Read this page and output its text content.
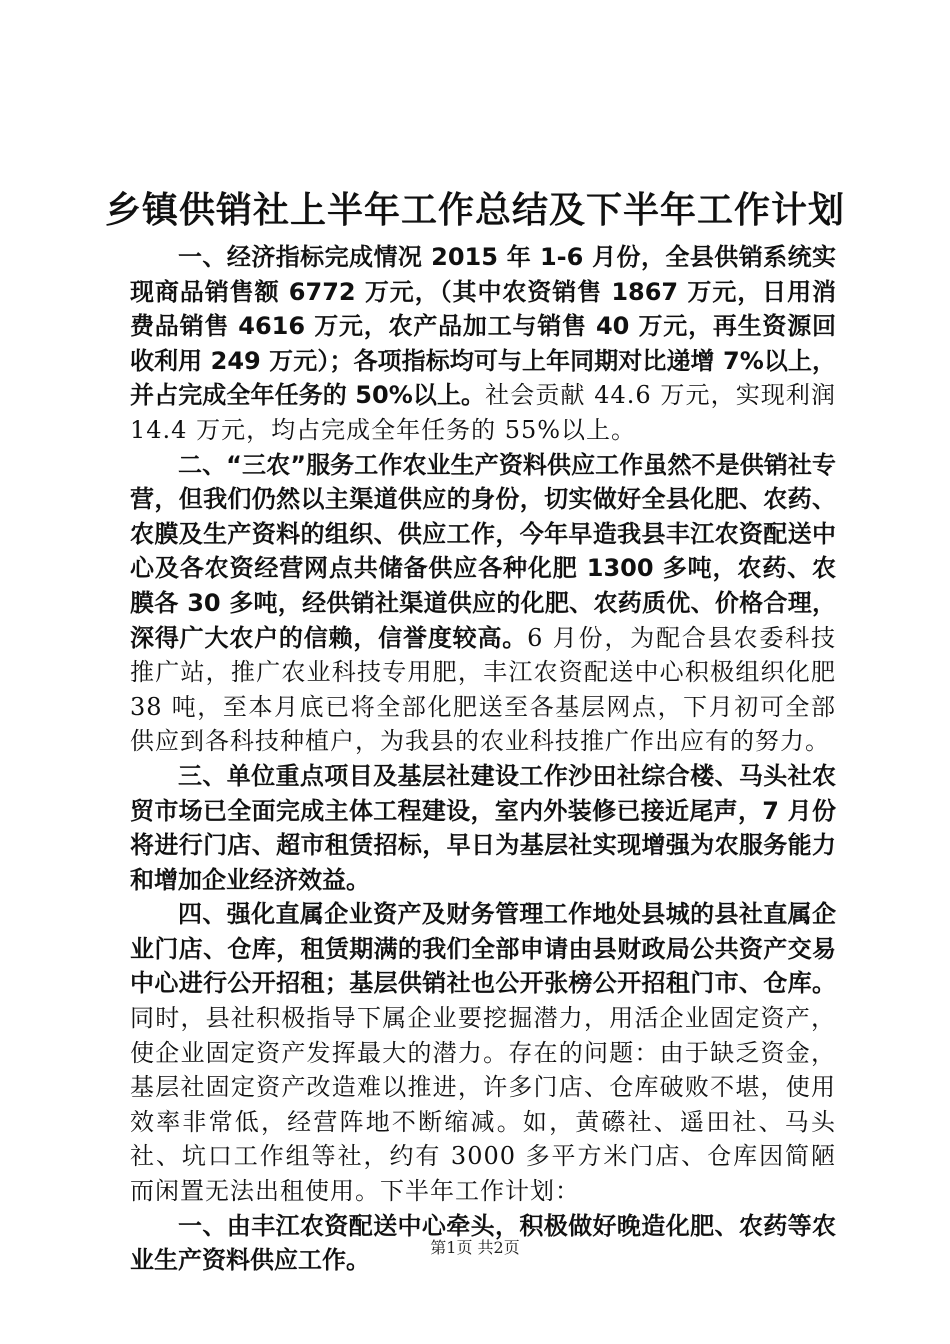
乡镇供销社上半年工作总结及下半年工作计划

一、经济指标完成情况 2015 年 1-6 月份，全县供销系统实现商品销售额 6772 万元，（其中农资销售 1867 万元，日用消费品销售 4616 万元，农产品加工与销售 40 万元，再生资源回收利用 249 万元）；各项指标均可与上年同期对比递增 7%以上，并占完成全年任务的 50%以上。社会贡献 44.6 万元，实现利润 14.4 万元，均占完成全年任务的 55%以上。

二、“三农”服务工作农业生产资料供应工作虽然不是供销社专营，但我们仍然以主渠道供应的身份，切实做好全县化肥、农药、农膜及生产资料的组织、供应工作，今年早造我县丰江农资配送中心及各农资经营网点共储备供应各种化肥 1300 多吨，农药、农膜各 30 多吨，经供销社渠道供应的化肥、农药质优、价格合理，深得广大农户的信赖，信誉度较高。6 月份，为配合县农委科技推广站，推广农业科技专用肥，丰江农资配送中心积极组织化肥 38 吨，至本月底已将全部化肥送至各基层网点，下月初可全部供应到各科技种植户，为我县的农业科技推广作出应有的努力。

三、单位重点项目及基层社建设工作沙田社综合楼、马头社农贸市场已全面完成主体工程建设，室内外装修已接近尾声，7 月份将进行门店、超市租赁招标，早日为基层社实现增强为农服务能力和增加企业经济效益。

四、强化直属企业资产及财务管理工作地处县城的县社直属企业门店、仓库，租赁期满的我们全部申请由县财政局公共资产交易中心进行公开招租；基层供销社也公开张榜公开招租门市、仓库。同时，县社积极指导下属企业要挖掘潜力，用活企业固定资产，使企业固定资产发挥最大的潜力。存在的问题：由于缺乏资金，基层社固定资产改造难以推进，许多门店、仓库破败不堪，使用效率非常低，经营阵地不断缩减。如，黄礤社、遥田社、马头社、坑口工作组等社，约有 3000 多平方米门店、仓库因简陋而闲置无法出租使用。下半年工作计划：

一、由丰江农资配送中心牵头，积极做好晚造化肥、农药等农业生产资料供应工作。	第1页 共2页
